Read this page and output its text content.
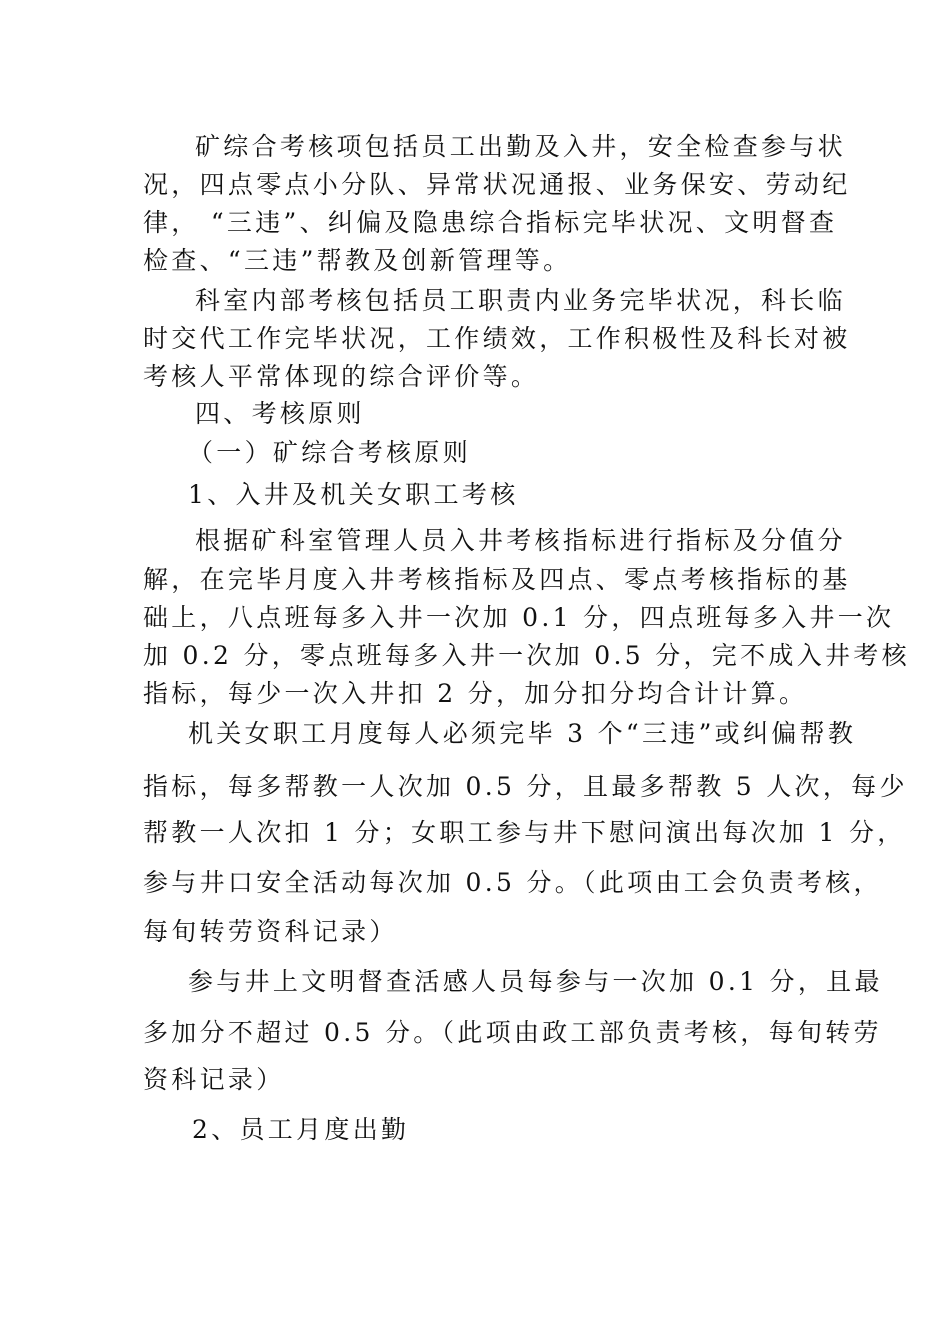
矿综合考核项包括员工出勤及入井，安全检查参与状
况，四点零点小分队、异常状况通报、业务保安、劳动纪
律， “三违”、纠偏及隐患综合指标完毕状况、文明督查
检查、“三违”帮教及创新管理等。
科室内部考核包括员工职责内业务完毕状况，科长临
时交代工作完毕状况，工作绩效，工作积极性及科长对被
考核人平常体现的综合评价等。
四、考核原则
（一）矿综合考核原则
1、入井及机关女职工考核
根据矿科室管理人员入井考核指标进行指标及分值分
解，在完毕月度入井考核指标及四点、零点考核指标的基
础上，八点班每多入井一次加 0.1 分，四点班每多入井一次
加 0.2 分，零点班每多入井一次加 0.5 分，完不成入井考核
指标，每少一次入井扣 2 分，加分扣分均合计计算。
机关女职工月度每人必须完毕 3 个“三违”或纠偏帮教
指标，每多帮教一人次加 0.5 分，且最多帮教 5 人次，每少
帮教一人次扣 1 分；女职工参与井下慰问演出每次加 1 分，
参与井口安全活动每次加 0.5 分。（此项由工会负责考核，
每旬转劳资科记录）
参与井上文明督查活感人员每参与一次加 0.1 分，且最
多加分不超过 0.5 分。（此项由政工部负责考核，每旬转劳
资科记录）
2、员工月度出勤
